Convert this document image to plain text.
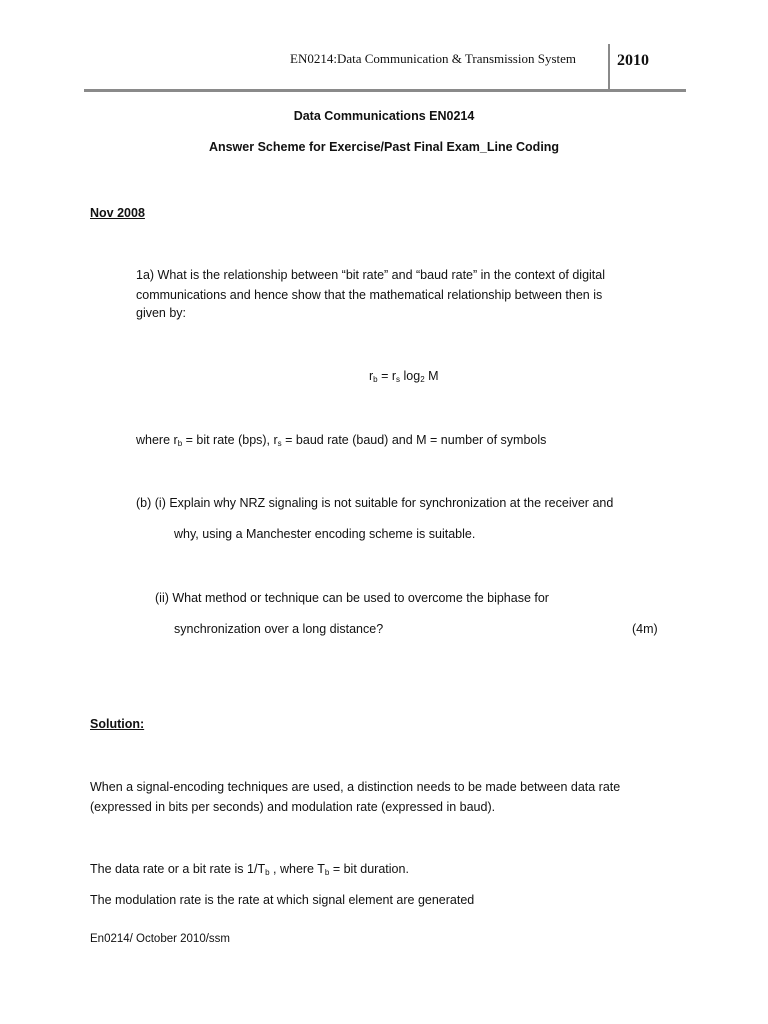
EN0214:Data Communication & Transmission System	2010
Data Communications EN0214
Answer Scheme for Exercise/Past Final Exam_Line Coding
Nov 2008
1a) What is the relationship between “bit rate” and “baud rate” in the context of digital
communications and hence show that the mathematical relationship between then is
given by:
$r_b = r_s$ $\log_2 M$
where $r_b$ = bit rate (bps), $r_s$ = baud rate (baud) and M = number of symbols
(b) (i) Explain why NRZ signaling is not suitable for synchronization at the receiver and
why, using a Manchester encoding scheme is suitable.
(ii) What method or technique can be used to overcome the biphase for
synchronization over a long distance?	(4m)
Solution:
When a signal-encoding techniques are used, a distinction needs to be made between data rate
(expressed in bits per seconds) and modulation rate (expressed in baud).
The data rate or a bit rate is $1/T_b$ , where $T_b$ = bit duration.
The modulation rate is the rate at which signal element are generated
En0214/ October 2010/ssm
